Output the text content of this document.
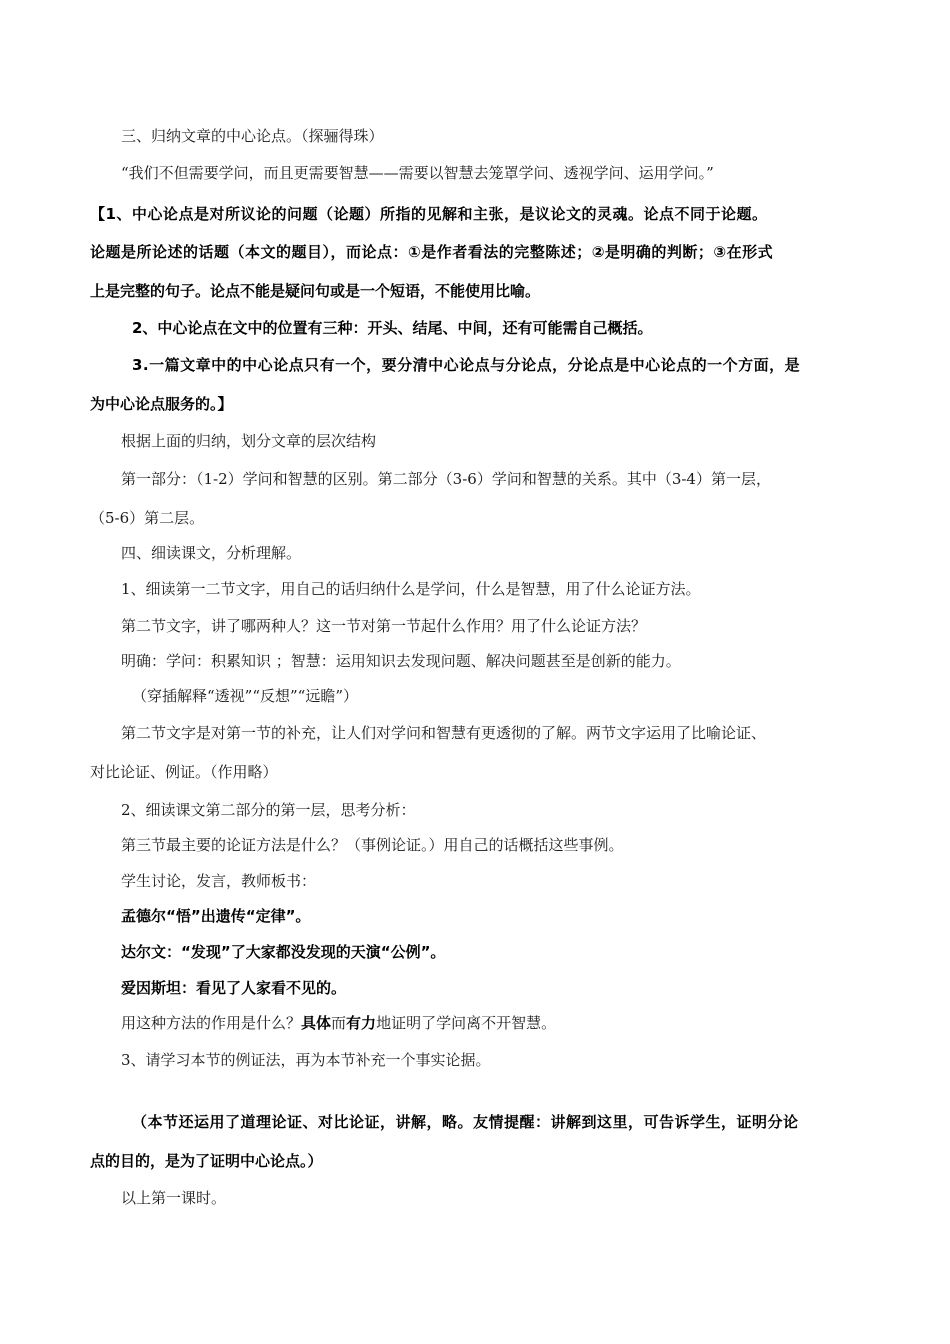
三、归纳文章的中心论点。（探骊得珠）
“我们不但需要学问，而且更需要智慧——需要以智慧去笼罩学问、透视学问、运用学问。”
【1、中心论点是对所议论的问题（论题）所指的见解和主张，是议论文的灵魂。论点不同于论题。
论题是所论述的话题（本文的题目），而论点：①是作者看法的完整陈述；②是明确的判断；③在形式
上是完整的句子。论点不能是疑问句或是一个短语，不能使用比喻。
2、中心论点在文中的位置有三种：开头、结尾、中间，还有可能需自己概括。
3.一篇文章中的中心论点只有一个，要分清中心论点与分论点，分论点是中心论点的一个方面，是
为中心论点服务的。】
根据上面的归纳，划分文章的层次结构
第一部分：（1-2）学问和智慧的区别。第二部分（3-6）学问和智慧的关系。其中（3-4）第一层，
（5-6）第二层。
四、细读课文，分析理解。
1、细读第一二节文字，用自己的话归纳什么是学问，什么是智慧，用了什么论证方法。
第二节文字，讲了哪两种人？这一节对第一节起什么作用？用了什么论证方法？
明确：学问：积累知识 ；智慧：运用知识去发现问题、解决问题甚至是创新的能力。
（穿插解释“透视”“反想”“远瞻”）
第二节文字是对第一节的补充，让人们对学问和智慧有更透彻的了解。两节文字运用了比喻论证、
对比论证、例证。（作用略）
2、细读课文第二部分的第一层，思考分析：
第三节最主要的论证方法是什么？（事例论证。）用自己的话概括这些事例。
学生讨论，发言，教师板书：
孟德尔“悟”出遗传“定律”。
达尔文：“发现”了大家都没发现的天演“公例”。
爱因斯坦：看见了人家看不见的。
用这种方法的作用是什么？具体而有力地证明了学问离不开智慧。
3、请学习本节的例证法，再为本节补充一个事实论据。
（本节还运用了道理论证、对比论证，讲解，略。友情提醒：讲解到这里，可告诉学生，证明分论
点的目的，是为了证明中心论点。）
以上第一课时。
